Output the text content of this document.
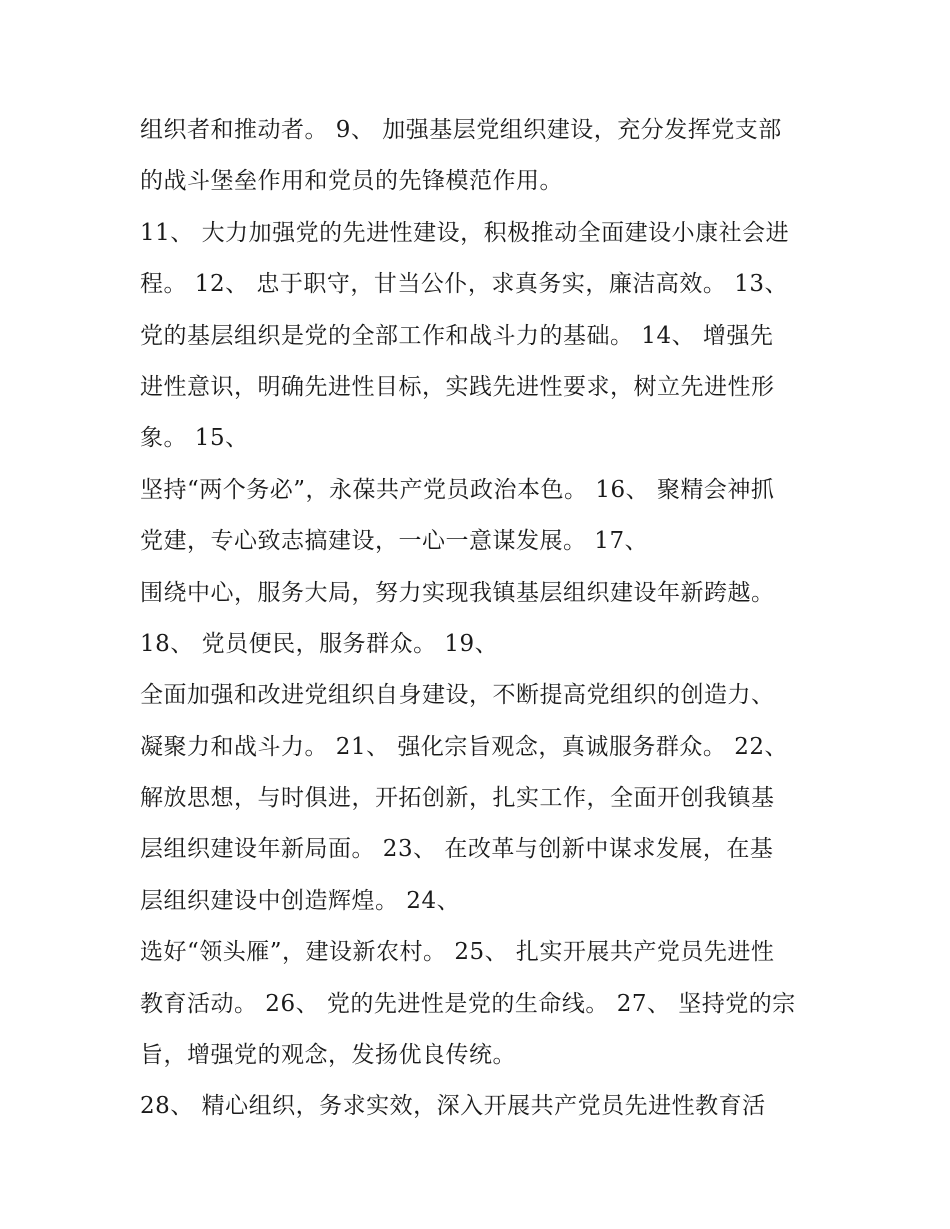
组织者和推动者。 9、 加强基层党组织建设，充分发挥党支部
的战斗堡垒作用和党员的先锋模范作用。
11、 大力加强党的先进性建设，积极推动全面建设小康社会进
程。 12、 忠于职守，甘当公仆，求真务实，廉洁高效。 13、
党的基层组织是党的全部工作和战斗力的基础。 14、 增强先
进性意识，明确先进性目标，实践先进性要求，树立先进性形
象。 15、
坚持“两个务必”，永葆共产党员政治本色。 16、 聚精会神抓
党建，专心致志搞建设，一心一意谋发展。 17、
围绕中心，服务大局，努力实现我镇基层组织建设年新跨越。
18、 党员便民，服务群众。 19、
全面加强和改进党组织自身建设，不断提高党组织的创造力、
凝聚力和战斗力。 21、 强化宗旨观念，真诚服务群众。 22、
解放思想，与时俱进，开拓创新，扎实工作，全面开创我镇基
层组织建设年新局面。 23、 在改革与创新中谋求发展，在基
层组织建设中创造辉煌。 24、
选好“领头雁”，建设新农村。 25、 扎实开展共产党员先进性
教育活动。 26、 党的先进性是党的生命线。 27、 坚持党的宗
旨，增强党的观念，发扬优良传统。
28、 精心组织，务求实效，深入开展共产党员先进性教育活
